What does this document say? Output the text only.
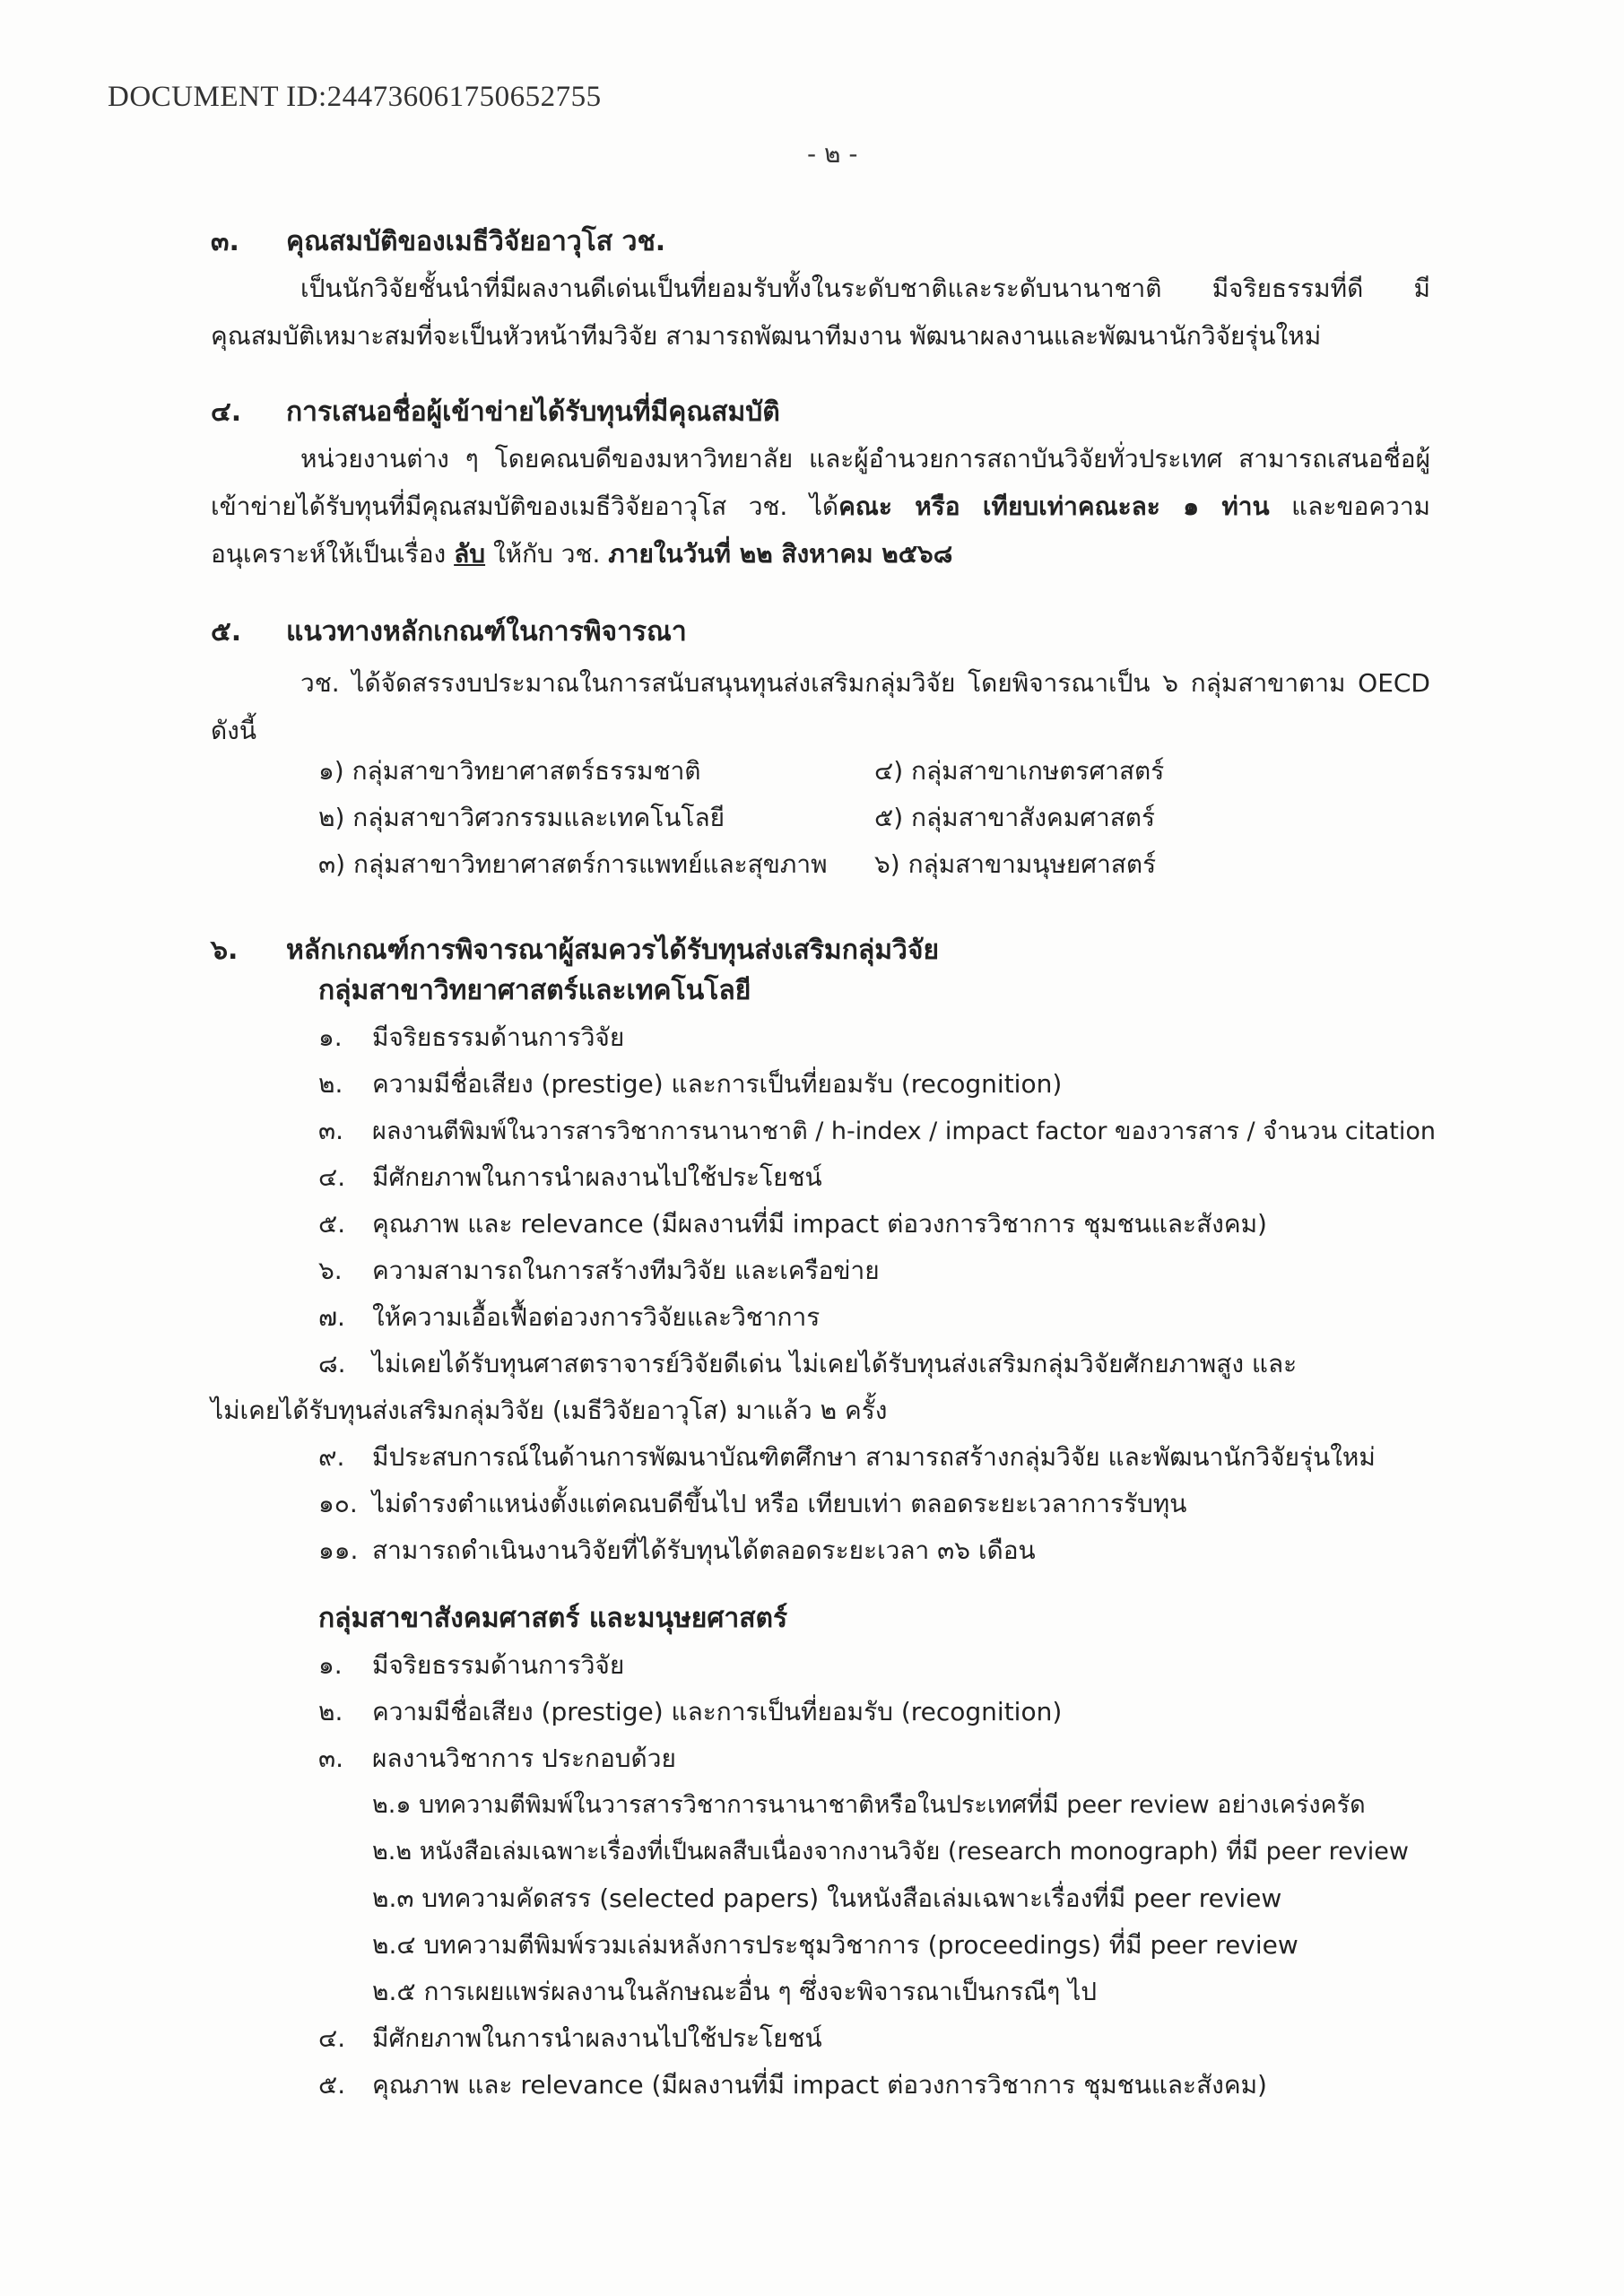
DOCUMENT ID:244736061750652755
- ๒ -
๓. คุณสมบัติของเมธีวิจัยอาวุโส วช.
เป็นนักวิจัยชั้นนำที่มีผลงานดีเด่นเป็นที่ยอมรับทั้งในระดับชาติและระดับนานาชาติ มีจริยธรรมที่ดี มีคุณสมบัติเหมาะสมที่จะเป็นหัวหน้าทีมวิจัย สามารถพัฒนาทีมงาน พัฒนาผลงานและพัฒนานักวิจัยรุ่นใหม่
๔. การเสนอชื่อผู้เข้าข่ายได้รับทุนที่มีคุณสมบัติ
หน่วยงานต่าง ๆ โดยคณบดีของมหาวิทยาลัย และผู้อำนวยการสถาบันวิจัยทั่วประเทศ สามารถเสนอชื่อผู้เข้าข่ายได้รับทุนที่มีคุณสมบัติของเมธีวิจัยอาวุโส วช. ได้คณะ หรือ เทียบเท่าคณะละ ๑ ท่าน และขอความอนุเคราะห์ให้เป็นเรื่อง ลับ ให้กับ วช. ภายในวันที่ ๒๒ สิงหาคม ๒๕๖๘
๕. แนวทางหลักเกณฑ์ในการพิจารณา
วช. ได้จัดสรรงบประมาณในการสนับสนุนทุนส่งเสริมกลุ่มวิจัย โดยพิจารณาเป็น ๖ กลุ่มสาขาตาม OECD ดังนี้
๑) กลุ่มสาขาวิทยาศาสตร์ธรรมชาติ
๒) กลุ่มสาขาวิศวกรรมและเทคโนโลยี
๓) กลุ่มสาขาวิทยาศาสตร์การแพทย์และสุขภาพ
๔) กลุ่มสาขาเกษตรศาสตร์
๕) กลุ่มสาขาสังคมศาสตร์
๖) กลุ่มสาขามนุษยศาสตร์
๖. หลักเกณฑ์การพิจารณาผู้สมควรได้รับทุนส่งเสริมกลุ่มวิจัย
กลุ่มสาขาวิทยาศาสตร์และเทคโนโลยี
๑. มีจริยธรรมด้านการวิจัย
๒. ความมีชื่อเสียง (prestige) และการเป็นที่ยอมรับ (recognition)
๓. ผลงานตีพิมพ์ในวารสารวิชาการนานาชาติ / h-index / impact factor ของวารสาร / จำนวน citation
๔. มีศักยภาพในการนำผลงานไปใช้ประโยชน์
๕. คุณภาพ และ relevance (มีผลงานที่มี impact ต่อวงการวิชาการ ชุมชนและสังคม)
๖. ความสามารถในการสร้างทีมวิจัย และเครือข่าย
๗. ให้ความเอื้อเฟื้อต่อวงการวิจัยและวิชาการ
๘. ไม่เคยได้รับทุนศาสตราจารย์วิจัยดีเด่น ไม่เคยได้รับทุนส่งเสริมกลุ่มวิจัยศักยภาพสูง และ
ไม่เคยได้รับทุนส่งเสริมกลุ่มวิจัย (เมธีวิจัยอาวุโส) มาแล้ว ๒ ครั้ง
๙. มีประสบการณ์ในด้านการพัฒนาบัณฑิตศึกษา สามารถสร้างกลุ่มวิจัย และพัฒนานักวิจัยรุ่นใหม่
๑๐. ไม่ดำรงตำแหน่งตั้งแต่คณบดีขึ้นไป หรือ เทียบเท่า ตลอดระยะเวลาการรับทุน
๑๑. สามารถดำเนินงานวิจัยที่ได้รับทุนได้ตลอดระยะเวลา ๓๖ เดือน
กลุ่มสาขาสังคมศาสตร์ และมนุษยศาสตร์
๑. มีจริยธรรมด้านการวิจัย
๒. ความมีชื่อเสียง (prestige) และการเป็นที่ยอมรับ (recognition)
๓. ผลงานวิชาการ ประกอบด้วย
๒.๑ บทความตีพิมพ์ในวารสารวิชาการนานาชาติหรือในประเทศที่มี peer review อย่างเคร่งครัด
๒.๒ หนังสือเล่มเฉพาะเรื่องที่เป็นผลสืบเนื่องจากงานวิจัย (research monograph) ที่มี peer review
๒.๓ บทความคัดสรร (selected papers) ในหนังสือเล่มเฉพาะเรื่องที่มี peer review
๒.๔ บทความตีพิมพ์รวมเล่มหลังการประชุมวิชาการ (proceedings) ที่มี peer review
๒.๕ การเผยแพร่ผลงานในลักษณะอื่น ๆ ซึ่งจะพิจารณาเป็นกรณีๆ ไป
๔. มีศักยภาพในการนำผลงานไปใช้ประโยชน์
๕. คุณภาพ และ relevance (มีผลงานที่มี impact ต่อวงการวิชาการ ชุมชนและสังคม)
